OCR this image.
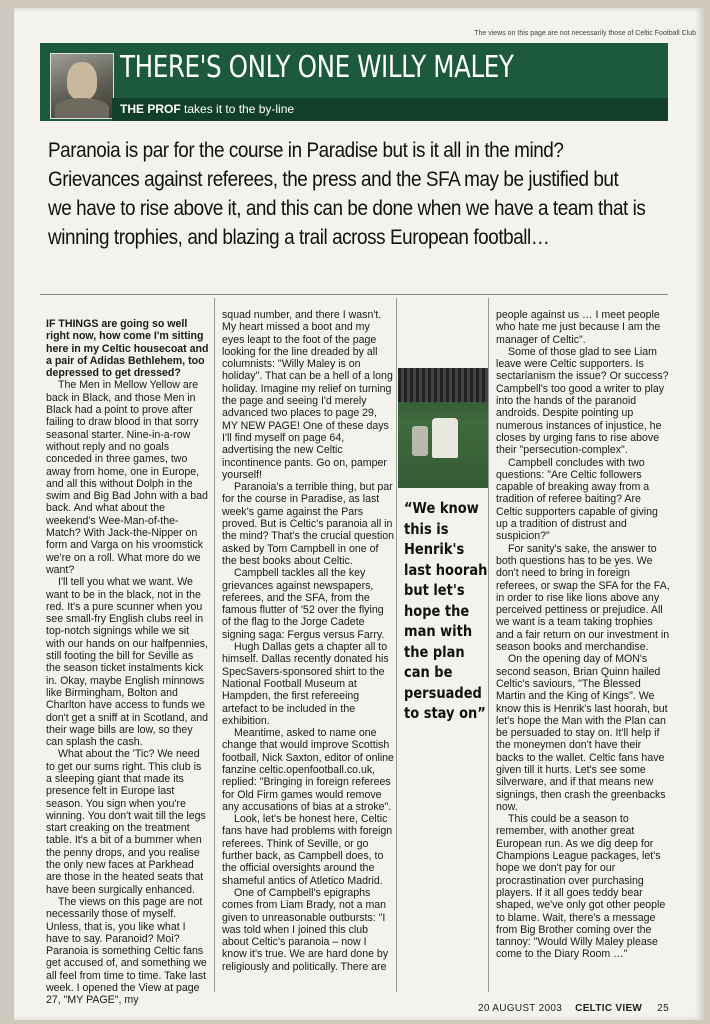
The views on this page are not necessarily those of Celtic Football Club
THERE'S ONLY ONE WILLY MALEY
THE PROF takes it to the by-line

Paranoia is par for the course in Paradise but is it all in the mind? Grievances against referees, the press and the SFA may be justified but we have to rise above it, and this can be done when we have a team that is winning trophies, and blazing a trail across European football…

IF THINGS are going so well right now, how come I'm sitting here in my Celtic housecoat and a pair of Adidas Bethlehem, too depressed to get dressed?

The Men in Mellow Yellow are back in Black, and those Men in Black had a point to prove after failing to draw blood in that sorry seasonal starter. Nine-in-a-row without reply and no goals conceded in three games, two away from home, one in Europe, and all this without Dolph in the swim and Big Bad John with a bad back. And what about the weekend's Wee-Man-of-the-Match? With Jack-the-Nipper on form and Varga on his vroomstick we're on a roll. What more do we want?

I'll tell you what we want. We want to be in the black, not in the red. It's a pure scunner when you see small-fry English clubs reel in top-notch signings while we sit with our hands on our halfpennies, still footing the bill for Seville as the season ticket instalments kick in. Okay, maybe English minnows like Birmingham, Bolton and Charlton have access to funds we don't get a sniff at in Scotland, and their wage bills are low, so they can splash the cash.

What about the 'Tic? We need to get our sums right. This club is a sleeping giant that made its presence felt in Europe last season. You sign when you're winning. You don't wait till the legs start creaking on the treatment table. It's a bit of a bummer when the penny drops, and you realise the only new faces at Parkhead are those in the heated seats that have been surgically enhanced.

The views on this page are not necessarily those of myself. Unless, that is, you like what I have to say. Paranoid? Moi? Paranoia is something Celtic fans get accused of, and something we all feel from time to time. Take last week. I opened the View at page 27, "MY PAGE", my

squad number, and there I wasn't. My heart missed a boot and my eyes leapt to the foot of the page looking for the line dreaded by all columnists: "Willy Maley is on holiday". That can be a hell of a long holiday. Imagine my relief on turning the page and seeing I'd merely advanced two places to page 29, MY NEW PAGE! One of these days I'll find myself on page 64, advertising the new Celtic incontinence pants. Go on, pamper yourself!

Paranoia's a terrible thing, but par for the course in Paradise, as last week's game against the Pars proved. But is Celtic's paranoia all in the mind? That's the crucial question asked by Tom Campbell in one of the best books about Celtic.

Campbell tackles all the key grievances against newspapers, referees, and the SFA, from the famous flutter of '52 over the flying of the flag to the Jorge Cadete signing saga: Fergus versus Farry.

Hugh Dallas gets a chapter all to himself. Dallas recently donated his SpecSavers-sponsored shirt to the National Football Museum at Hampden, the first refereeing artefact to be included in the exhibition.

Meantime, asked to name one change that would improve Scottish football, Nick Saxton, editor of online fanzine celtic.openfootball.co.uk, replied: "Bringing in foreign referees for Old Firm games would remove any accusations of bias at a stroke".

Look, let's be honest here, Celtic fans have had problems with foreign referees. Think of Seville, or go further back, as Campbell does, to the official oversights around the shameful antics of Atletico Madrid.

One of Campbell's epigraphs comes from Liam Brady, not a man given to unreasonable outbursts: "I was told when I joined this club about Celtic's paranoia – now I know it's true. We are hard done by religiously and politically. There are

“We know this is Henrik's last hoorah but let's hope the man with the plan can be persuaded to stay on”

people against us … I meet people who hate me just because I am the manager of Celtic".

Some of those glad to see Liam leave were Celtic supporters. Is sectarianism the issue? Or success? Campbell's too good a writer to play into the hands of the paranoid androids. Despite pointing up numerous instances of injustice, he closes by urging fans to rise above their "persecution-complex".

Campbell concludes with two questions: "Are Celtic followers capable of breaking away from a tradition of referee baiting? Are Celtic supporters capable of giving up a tradition of distrust and suspicion?"

For sanity's sake, the answer to both questions has to be yes. We don't need to bring in foreign referees, or swap the SFA for the FA, in order to rise like lions above any perceived pettiness or prejudice. All we want is a team taking trophies and a fair return on our investment in season books and merchandise.

On the opening day of MON's second season, Brian Quinn hailed Celtic's saviours, "The Blessed Martin and the King of Kings". We know this is Henrik's last hoorah, but let's hope the Man with the Plan can be persuaded to stay on. It'll help if the moneymen don't have their backs to the wallet. Celtic fans have given till it hurts. Let's see some silverware, and if that means new signings, then crash the greenbacks now.

This could be a season to remember, with another great European run. As we dig deep for Champions League packages, let's hope we don't pay for our procrastination over purchasing players. If it all goes teddy bear shaped, we've only got other people to blame. Wait, there's a message from Big Brother coming over the tannoy: "Would Willy Maley please come to the Diary Room …"

20 AUGUST 2003 CELTIC VIEW 25
